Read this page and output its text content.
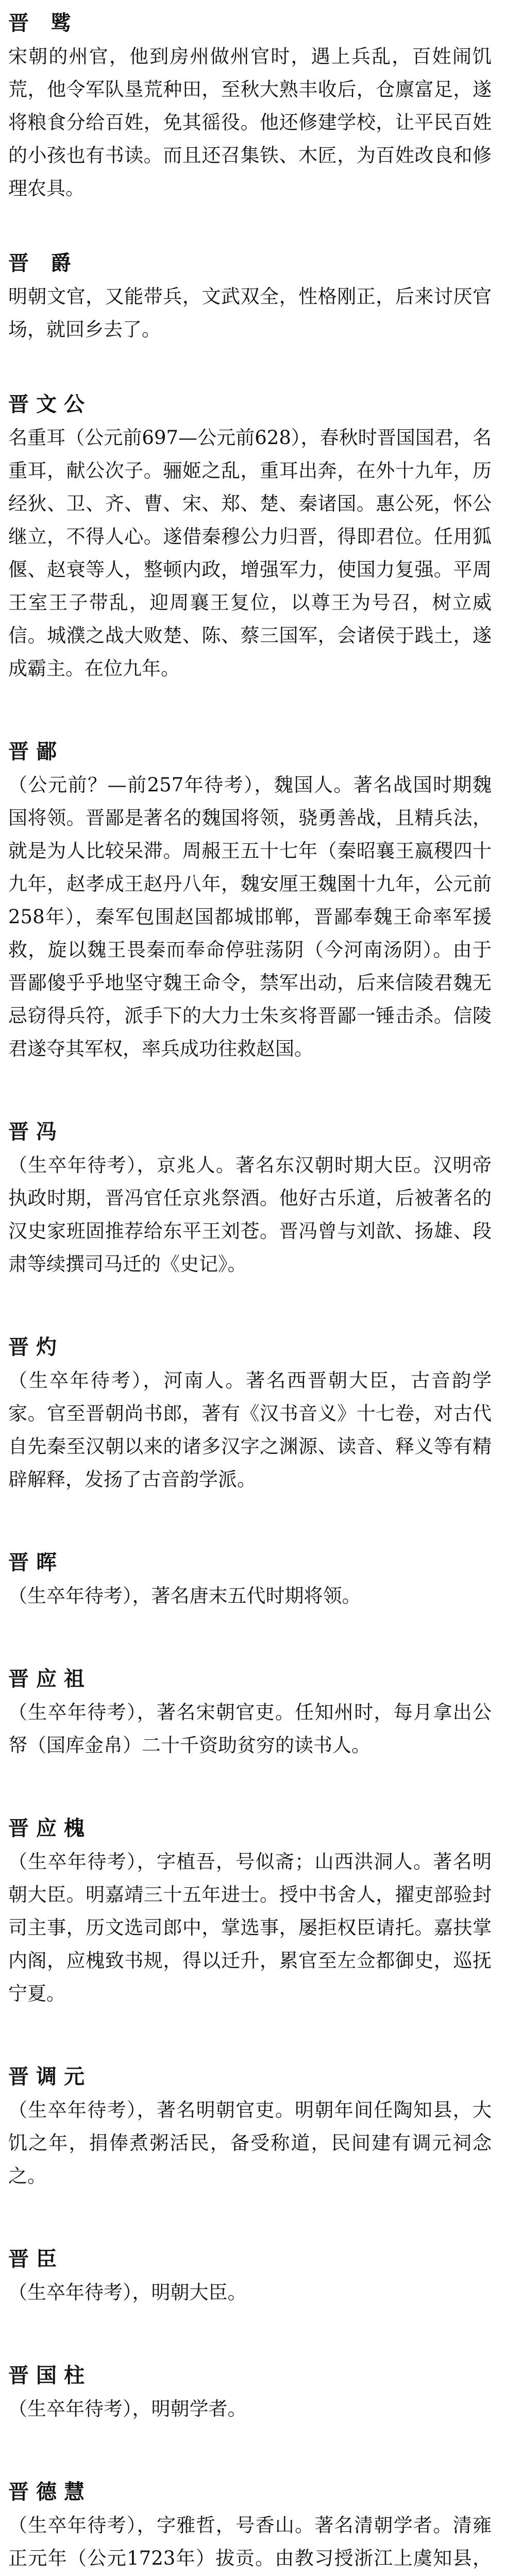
晋 骘

宋朝的州官，他到房州做州官时，遇上兵乱，百姓闹饥荒，他令军队垦荒种田，至秋大熟丰收后，仓廪富足，遂将粮食分给百姓，免其徭役。他还修建学校，让平民百姓的小孩也有书读。而且还召集铁、木匠，为百姓改良和修理农具。

晋 爵

明朝文官，又能带兵，文武双全，性格刚正，后来讨厌官场，就回乡去了。

晋文公

名重耳（公元前697—公元前628），春秋时晋国国君，名重耳，献公次子。骊姬之乱，重耳出奔，在外十九年，历经狄、卫、齐、曹、宋、郑、楚、秦诸国。惠公死，怀公继立，不得人心。遂借秦穆公力归晋，得即君位。任用狐偃、赵衰等人，整顿内政，增强军力，使国力复强。平周王室王子带乱，迎周襄王复位，以尊王为号召，树立威信。城濮之战大败楚、陈、蔡三国军，会诸侯于践土，遂成霸主。在位九年。

晋鄙

（公元前？—前257年待考），魏国人。著名战国时期魏国将领。晋鄙是著名的魏国将领，骁勇善战，且精兵法，就是为人比较呆滞。周赧王五十七年（秦昭襄王嬴稷四十九年，赵孝成王赵丹八年，魏安厘王魏圉十九年，公元前258年），秦军包围赵国都城邯郸，晋鄙奉魏王命率军援救，旋以魏王畏秦而奉命停驻荡阴（今河南汤阴）。由于晋鄙傻乎乎地坚守魏王命令，禁军出动，后来信陵君魏无忌窃得兵符，派手下的大力士朱亥将晋鄙一锤击杀。信陵君遂夺其军权，率兵成功往救赵国。

晋冯

（生卒年待考），京兆人。著名东汉朝时期大臣。汉明帝执政时期，晋冯官任京兆祭酒。他好古乐道，后被著名的汉史家班固推荐给东平王刘苍。晋冯曾与刘歆、扬雄、段肃等续撰司马迁的《史记》。

晋灼

（生卒年待考），河南人。著名西晋朝大臣，古音韵学家。官至晋朝尚书郎，著有《汉书音义》十七卷，对古代自先秦至汉朝以来的诸多汉字之渊源、读音、释义等有精辟解释，发扬了古音韵学派。

晋晖

（生卒年待考），著名唐末五代时期将领。

晋应祖

（生卒年待考），著名宋朝官吏。任知州时，每月拿出公帑（国库金帛）二十千资助贫穷的读书人。

晋应槐

（生卒年待考），字植吾，号似斋；山西洪洞人。著名明朝大臣。明嘉靖三十五年进士。授中书舍人，擢吏部验封司主事，历文选司郎中，掌选事，屡拒权臣请托。嘉扶掌内阁，应槐致书规，得以迁升，累官至左佥都御史，巡抚宁夏。

晋调元

（生卒年待考），著名明朝官吏。明朝年间任陶知县，大饥之年，捐俸煮粥活民，备受称道，民间建有调元祠念之。

晋臣

（生卒年待考），明朝大臣。

晋国柱

（生卒年待考），明朝学者。

晋德慧

（生卒年待考），字雅哲，号香山。著名清朝学者。清雍正元年（公元1723年）拔贡。由教习授浙江上虞知县，
